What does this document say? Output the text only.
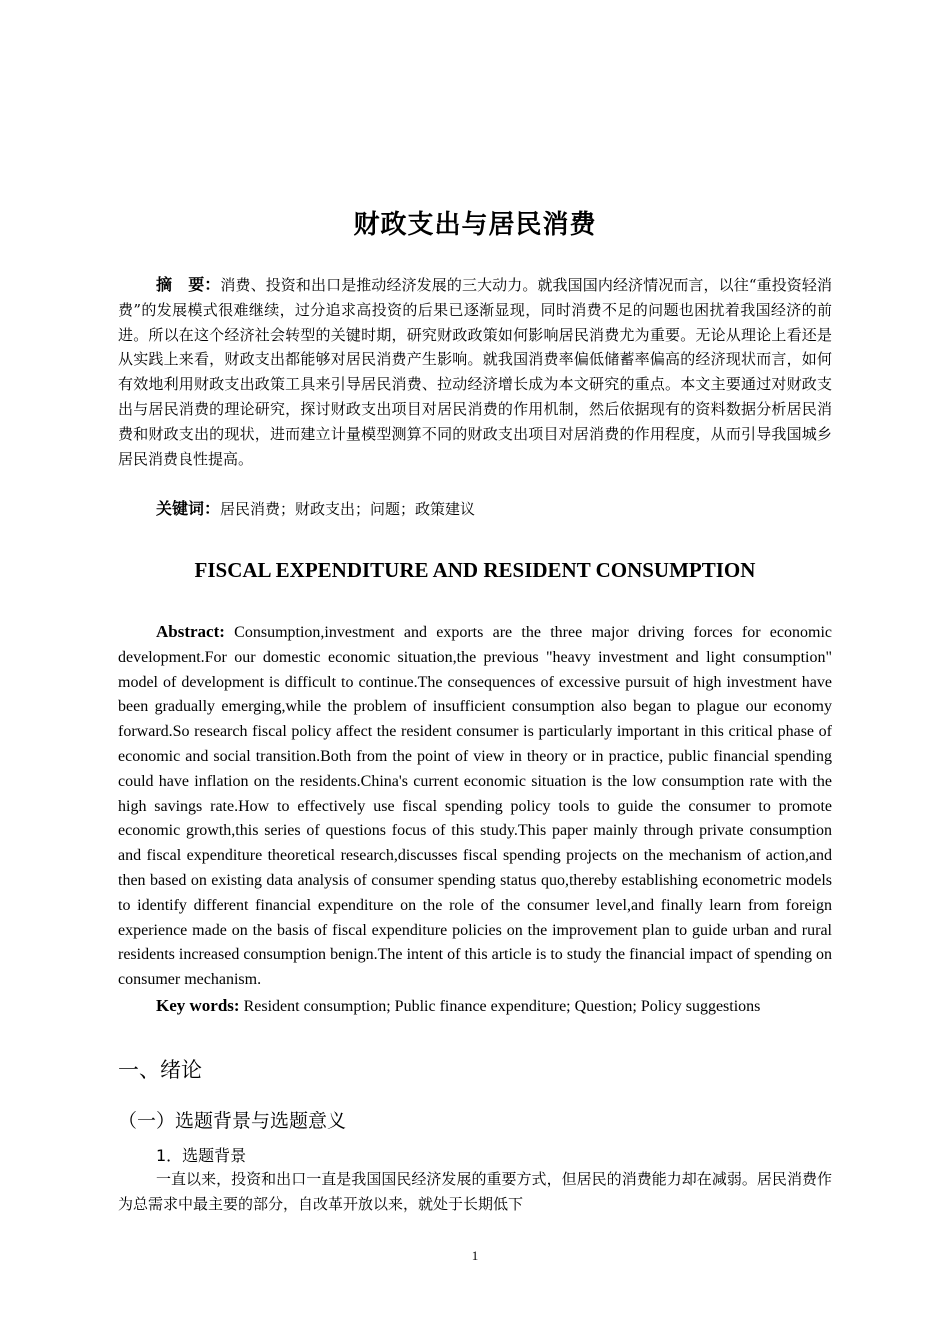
财政支出与居民消费

摘　要：消费、投资和出口是推动经济发展的三大动力。就我国国内经济情况而言，以往“重投资轻消费”的发展模式很难继续，过分追求高投资的后果已逐渐显现，同时消费不足的问题也困扰着我国经济的前进。所以在这个经济社会转型的关键时期，研究财政政策如何影响居民消费尤为重要。无论从理论上看还是从实践上来看，财政支出都能够对居民消费产生影响。就我国消费率偏低储蓄率偏高的经济现状而言，如何有效地利用财政支出政策工具来引导居民消费、拉动经济增长成为本文研究的重点。本文主要通过对财政支出与居民消费的理论研究，探讨财政支出项目对居民消费的作用机制，然后依据现有的资料数据分析居民消费和财政支出的现状，进而建立计量模型测算不同的财政支出项目对居消费的作用程度，从而引导我国城乡居民消费良性提高。

关键词：居民消费；财政支出；问题；政策建议

FISCAL EXPENDITURE AND RESIDENT CONSUMPTION

Abstract: Consumption,investment and exports are the three major driving forces for economic development.For our domestic economic situation,the previous "heavy investment and light consumption" model of development is difficult to continue.The consequences of excessive pursuit of high investment have been gradually emerging,while the problem of insufficient consumption also began to plague our economy forward.So research fiscal policy affect the resident consumer is particularly important in this critical phase of economic and social transition.Both from the point of view in theory or in practice, public financial spending could have inflation on the residents.China's current economic situation is the low consumption rate with the high savings rate.How to effectively use fiscal spending policy tools to guide the consumer to promote economic growth,this series of questions focus of this study.This paper mainly through private consumption and fiscal expenditure theoretical research,discusses fiscal spending projects on the mechanism of action,and then based on existing data analysis of consumer spending status quo,thereby establishing econometric models to identify different financial expenditure on the role of the consumer level,and finally learn from foreign experience made on the basis of fiscal expenditure policies on the improvement plan to guide urban and rural residents increased consumption benign.The intent of this article is to study the financial impact of spending on consumer mechanism.

Key words: Resident consumption; Public finance expenditure; Question; Policy suggestions

一、绪论
（一）选题背景与选题意义
1．选题背景

一直以来，投资和出口一直是我国国民经济发展的重要方式，但居民的消费能力却在减弱。居民消费作为总需求中最主要的部分，自改革开放以来，就处于长期低下

1
